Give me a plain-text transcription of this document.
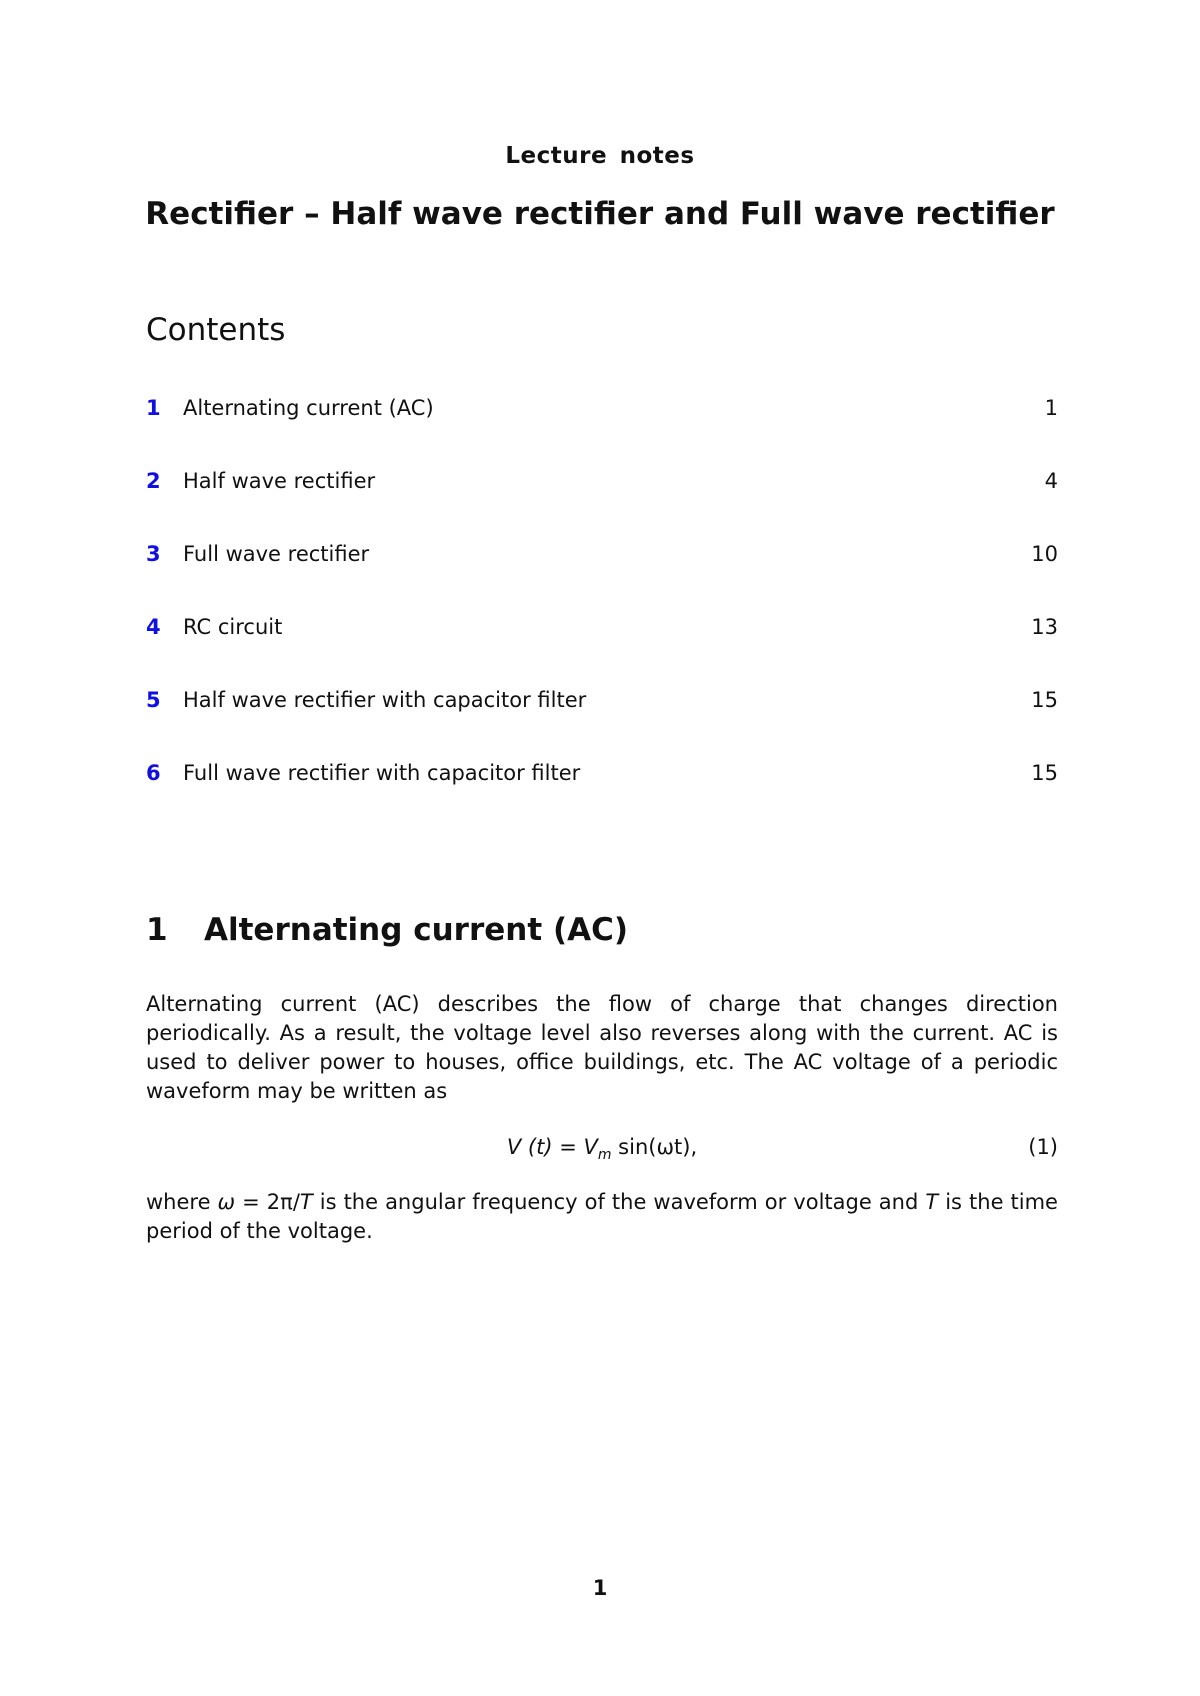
Lecture notes
Rectifier – Half wave rectifier and Full wave rectifier
Contents
1	Alternating current (AC)	1
2	Half wave rectifier	4
3	Full wave rectifier	10
4	RC circuit	13
5	Half wave rectifier with capacitor filter	15
6	Full wave rectifier with capacitor filter	15
1 Alternating current (AC)
Alternating current (AC) describes the flow of charge that changes direction periodically. As a result, the voltage level also reverses along with the current. AC is used to deliver power to houses, office buildings, etc. The AC voltage of a periodic waveform may be written as
V $(t) = V_m$ sin(ωt),	(1)
where ω = 2π/T is the angular frequency of the waveform or voltage and T is the time period of the voltage.
1
